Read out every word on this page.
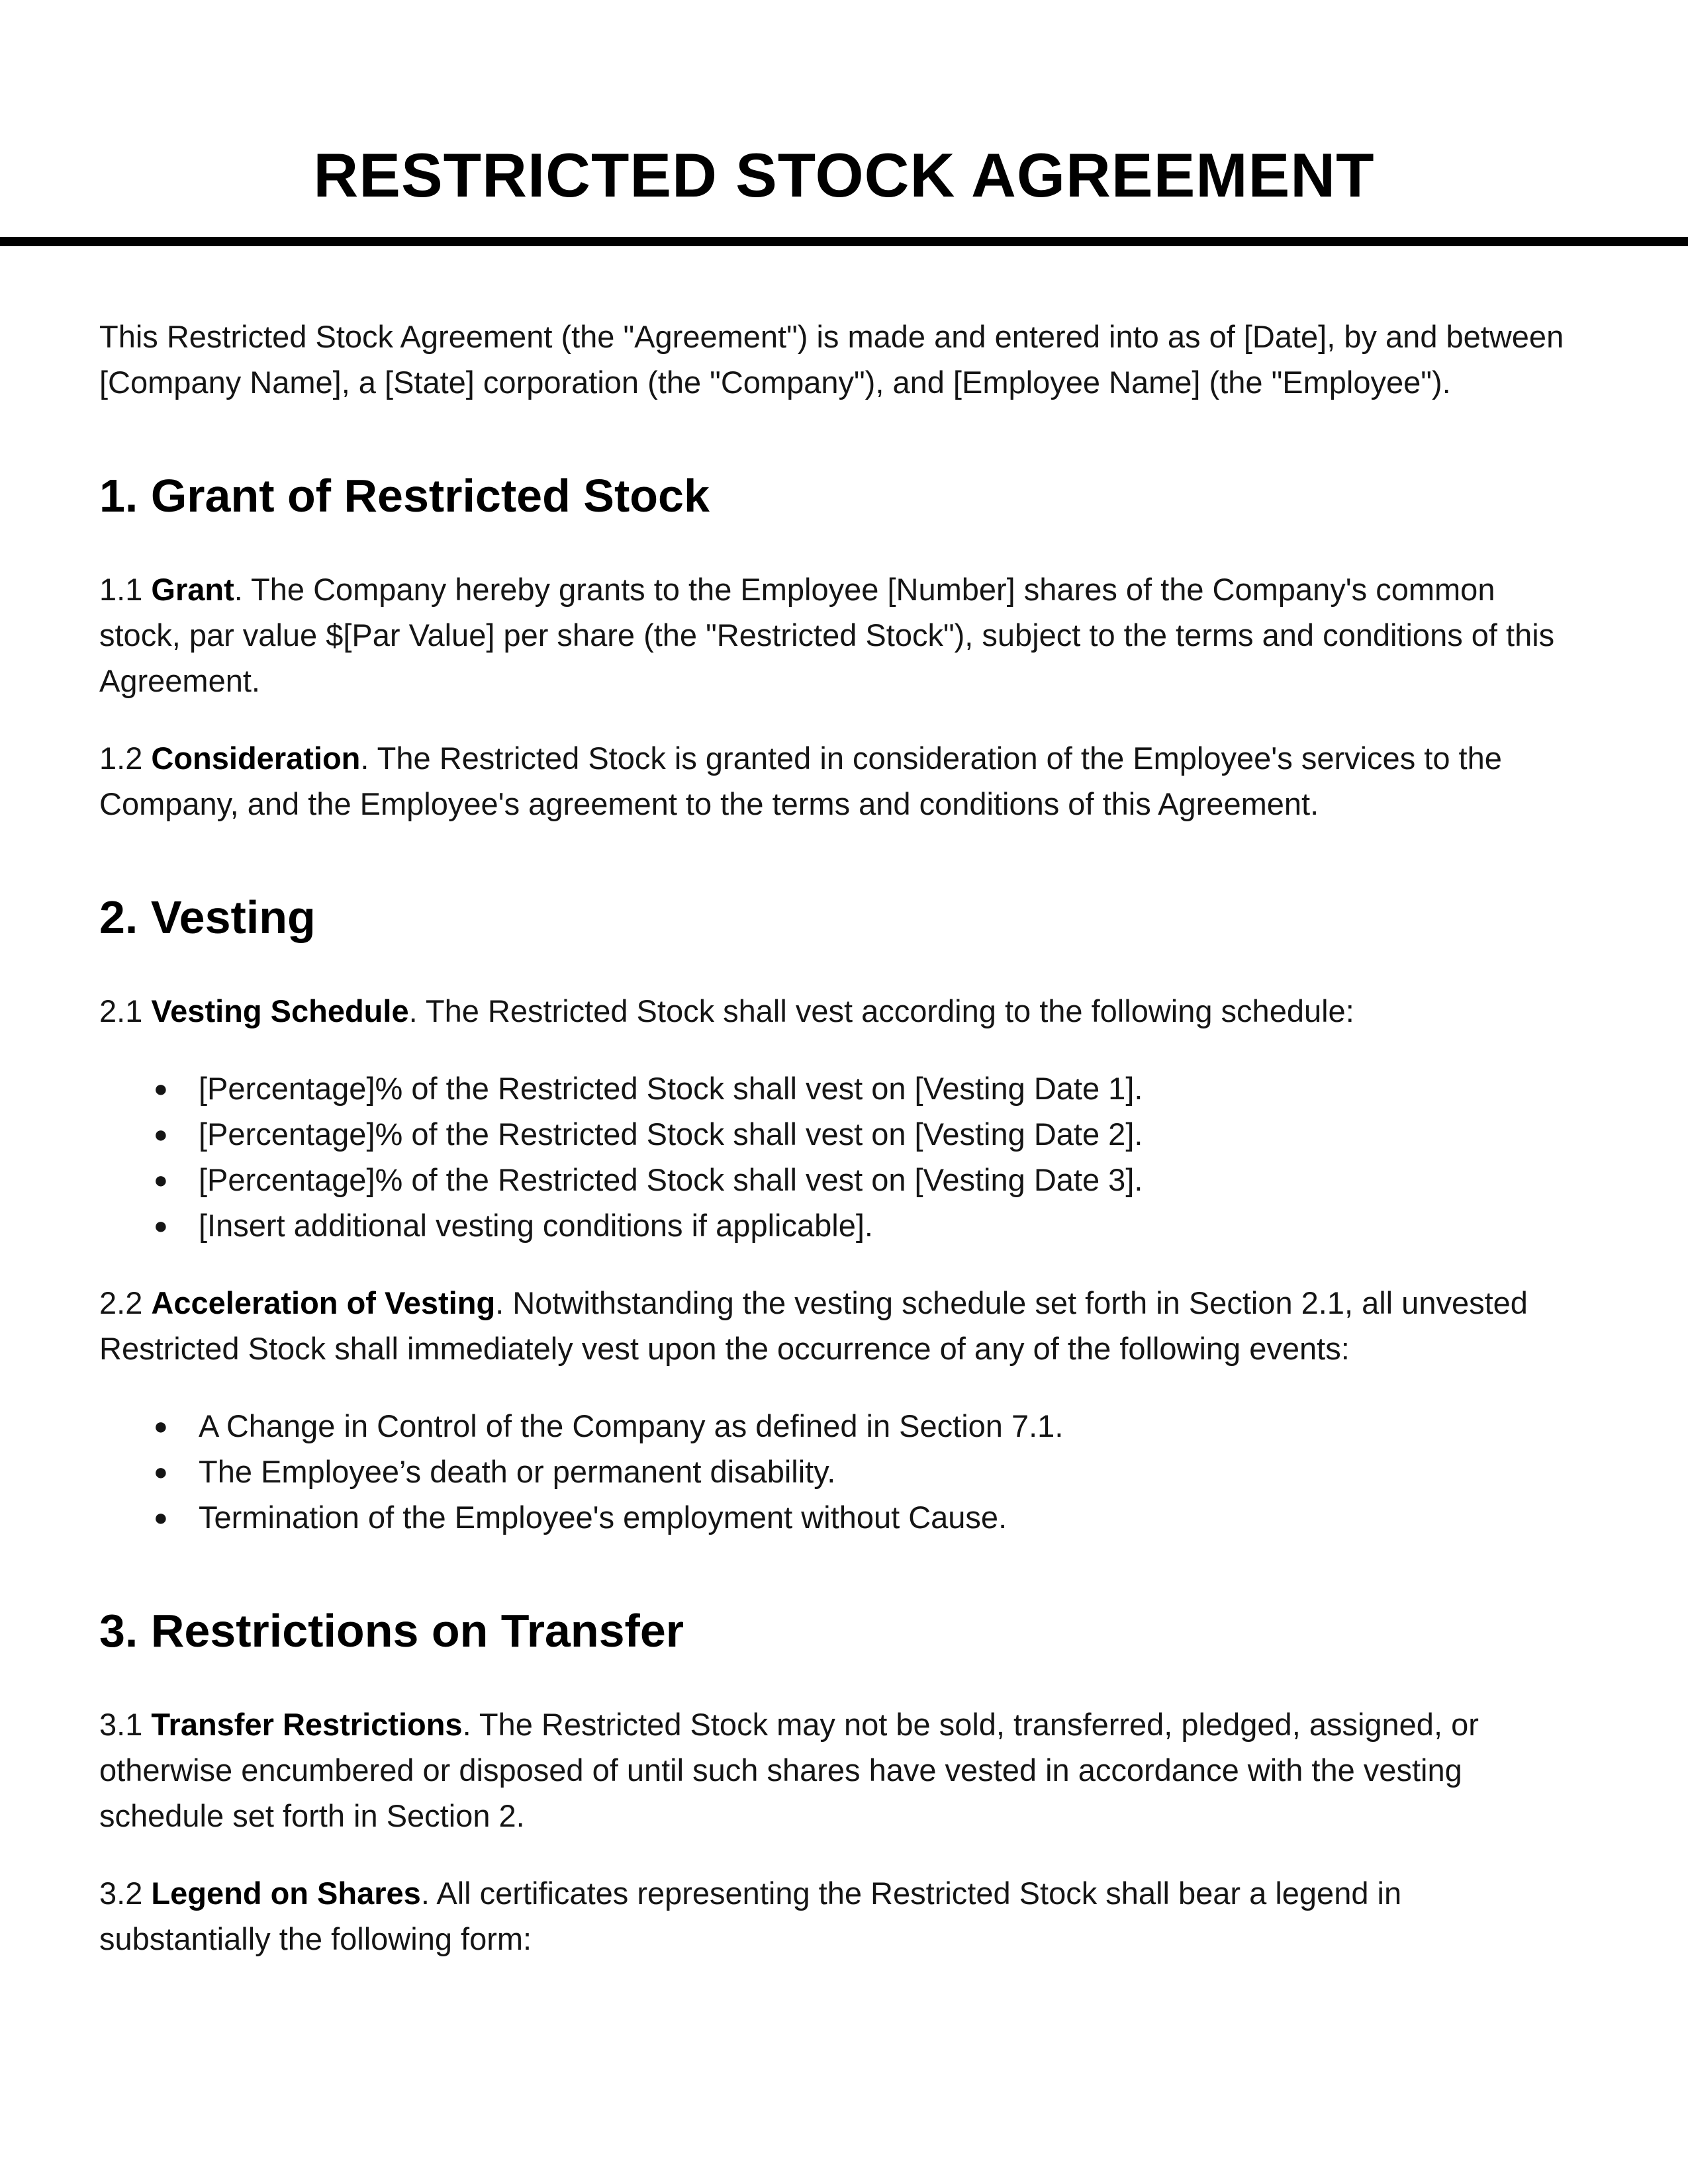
RESTRICTED STOCK AGREEMENT

This Restricted Stock Agreement (the "Agreement") is made and entered into as of [Date], by and between [Company Name], a [State] corporation (the "Company"), and [Employee Name] (the "Employee").

1. Grant of Restricted Stock

1.1 Grant. The Company hereby grants to the Employee [Number] shares of the Company's common stock, par value $[Par Value] per share (the "Restricted Stock"), subject to the terms and conditions of this Agreement.

1.2 Consideration. The Restricted Stock is granted in consideration of the Employee's services to the Company, and the Employee's agreement to the terms and conditions of this Agreement.

2. Vesting

2.1 Vesting Schedule. The Restricted Stock shall vest according to the following schedule:

● [Percentage]% of the Restricted Stock shall vest on [Vesting Date 1].
● [Percentage]% of the Restricted Stock shall vest on [Vesting Date 2].
● [Percentage]% of the Restricted Stock shall vest on [Vesting Date 3].
● [Insert additional vesting conditions if applicable].

2.2 Acceleration of Vesting. Notwithstanding the vesting schedule set forth in Section 2.1, all unvested Restricted Stock shall immediately vest upon the occurrence of any of the following events:

● A Change in Control of the Company as defined in Section 7.1.
● The Employee’s death or permanent disability.
● Termination of the Employee's employment without Cause.
3. Restrictions on Transfer

3.1 Transfer Restrictions. The Restricted Stock may not be sold, transferred, pledged, assigned, or otherwise encumbered or disposed of until such shares have vested in accordance with the vesting schedule set forth in Section 2.

3.2 Legend on Shares. All certificates representing the Restricted Stock shall bear a legend in substantially the following form:
